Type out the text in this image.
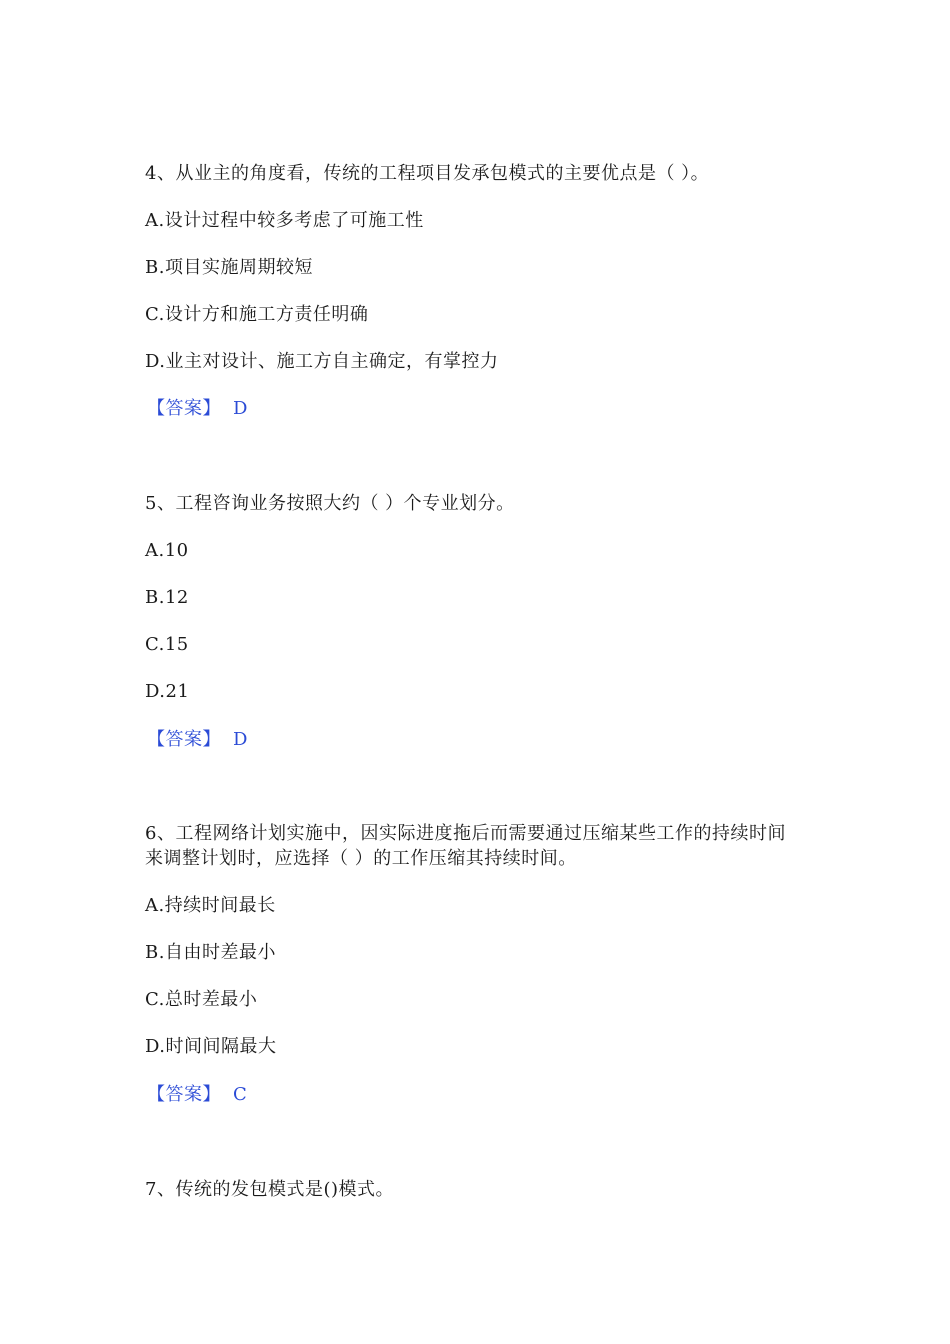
4、从业主的角度看，传统的工程项目发承包模式的主要优点是（ ）。
A.设计过程中较多考虑了可施工性
B.项目实施周期较短
C.设计方和施工方责任明确
D.业主对设计、施工方自主确定，有掌控力
【答案】 D
5、工程咨询业务按照大约（ ）个专业划分。
A.10
B.12
C.15
D.21
【答案】 D
6、工程网络计划实施中，因实际进度拖后而需要通过压缩某些工作的持续时间
来调整计划时，应选择（ ）的工作压缩其持续时间。
A.持续时间最长
B.自由时差最小
C.总时差最小
D.时间间隔最大
【答案】 C
7、传统的发包模式是()模式。
